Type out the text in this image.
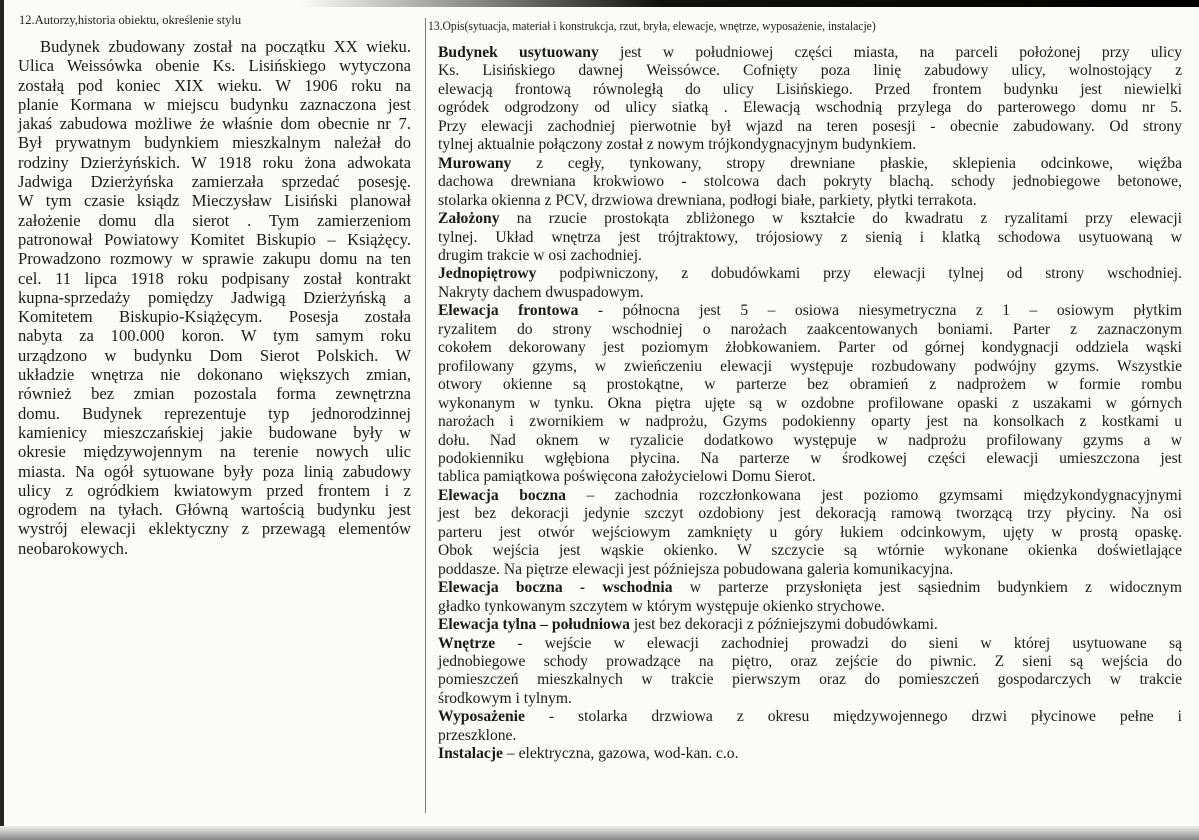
12.Autorzy,historia obiektu, określenie stylu	13.Opis(sytuacja, materiał i konstrukcja, rzut, bryła, elewacje, wnętrze, wyposażenie, instalacje)
Budynek zbudowany został na początku XX wieku.
Ulica Weissówka obenie Ks. Lisińskiego wytyczona
zostałą pod koniec XIX wieku. W 1906 roku na
planie Kormana w miejscu budynku zaznaczona jest
jakaś zabudowa możliwe że właśnie dom obecnie nr 7.
Był prywatnym budynkiem mieszkalnym należał do
rodziny Dzierżyńskich. W 1918 roku żona adwokata
Jadwiga Dzierżyńska zamierzała sprzedać posesję.
W tym czasie ksiądz Mieczysław Lisiński planował
założenie domu dla sierot . Tym zamierzeniom
patronował Powiatowy Komitet Biskupio – Książęcy.
Prowadzono rozmowy w sprawie zakupu domu na ten
cel. 11 lipca 1918 roku podpisany został kontrakt
kupna-sprzedaży pomiędzy Jadwigą Dzierżyńską a
Komitetem Biskupio-Książęcym. Posesja została
nabyta za 100.000 koron. W tym samym roku
urządzono w budynku Dom Sierot Polskich. W
układzie wnętrza nie dokonano większych zmian,
również bez zmian pozostala forma zewnętrzna
domu. Budynek reprezentuje typ jednorodzinnej
kamienicy mieszczańskiej jakie budowane były w
okresie międzywojennym na terenie nowych ulic
miasta. Na ogół sytuowane były poza linią zabudowy
ulicy z ogródkiem kwiatowym przed frontem i z
ogrodem na tyłach. Główną wartością budynku jest
wystrój elewacji eklektyczny z przewagą elementów
neobarokowych.
Budynek usytuowany jest w południowej części miasta, na parceli położonej przy ulicy
Ks. Lisińskiego dawnej Weissówce. Cofnięty poza linię zabudowy ulicy, wolnostojący z
elewacją frontową równoległą do ulicy Lisińskiego. Przed frontem budynku jest niewielki
ogródek odgrodzony od ulicy siatką . Elewacją wschodnią przylega do parterowego domu nr 5.
Przy elewacji zachodniej pierwotnie był wjazd na teren posesji - obecnie zabudowany. Od strony
tylnej aktualnie połączony został z nowym trójkondygnacyjnym budynkiem.
Murowany z cegły, tynkowany, stropy drewniane płaskie, sklepienia odcinkowe, więźba
dachowa drewniana krokwiowo - stolcowa dach pokryty blachą. schody jednobiegowe betonowe,
stolarka okienna z PCV, drzwiowa drewniana, podłogi białe, parkiety, płytki terrakota.
Założony na rzucie prostokąta zbliżonego w kształcie do kwadratu z ryzalitami przy elewacji
tylnej. Układ wnętrza jest trójtraktowy, trójosiowy z sienią i klatką schodowa usytuowaną w
drugim trakcie w osi zachodniej.
Jednopiętrowy podpiwniczony, z dobudówkami przy elewacji tylnej od strony wschodniej.
Nakryty dachem dwuspadowym.
Elewacja frontowa - północna jest 5 – osiowa niesymetryczna z 1 – osiowym płytkim
ryzalitem do strony wschodniej o narożach zaakcentowanych boniami. Parter z zaznaczonym
cokołem dekorowany jest poziomym żłobkowaniem. Parter od górnej kondygnacji oddziela wąski
profilowany gzyms, w zwieńczeniu elewacji występuje rozbudowany podwójny gzyms. Wszystkie
otwory okienne są prostokątne, w parterze bez obramień z nadprożem w formie rombu
wykonanym w tynku. Okna piętra ujęte są w ozdobne profilowane opaski z uszakami w górnych
narożach i zwornikiem w nadprożu, Gzyms podokienny oparty jest na konsolkach z kostkami u
dołu. Nad oknem w ryzalicie dodatkowo występuje w nadprożu profilowany gzyms a w
podokienniku wgłębiona płycina. Na parterze w środkowej części elewacji umieszczona jest
tablica pamiątkowa poświęcona założycielowi Domu Sierot.
Elewacja boczna – zachodnia rozczłonkowana jest poziomo gzymsami międzykondygnacyjnymi
jest bez dekoracji jedynie szczyt ozdobiony jest dekoracją ramową tworzącą trzy płyciny. Na osi
parteru jest otwór wejściowym zamknięty u góry łukiem odcinkowym, ujęty w prostą opaskę.
Obok wejścia jest wąskie okienko. W szczycie są wtórnie wykonane okienka doświetlające
poddasze. Na piętrze elewacji jest późniejsza pobudowana galeria komunikacyjna.
Elewacja boczna - wschodnia w parterze przysłonięta jest sąsiednim budynkiem z widocznym
gładko tynkowanym szczytem w którym występuje okienko strychowe.
Elewacja tylna – południowa jest bez dekoracji z późniejszymi dobudówkami.
Wnętrze - wejście w elewacji zachodniej prowadzi do sieni w której usytuowane są
jednobiegowe schody prowadzące na piętro, oraz zejście do piwnic. Z sieni są wejścia do
pomieszczeń mieszkalnych w trakcie pierwszym oraz do pomieszczeń gospodarczych w trakcie
środkowym i tylnym.
Wyposażenie - stolarka drzwiowa z okresu międzywojennego drzwi płycinowe pełne i
przeszklone.
Instalacje – elektryczna, gazowa, wod-kan. c.o.
